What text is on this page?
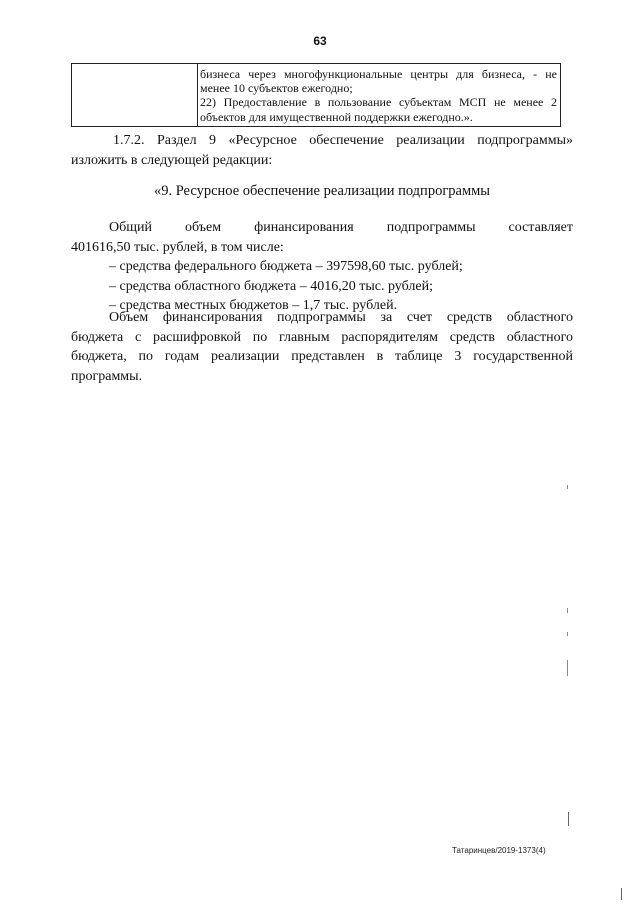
63
бизнеса через многофункциональные центры для бизнеса, - не
менее 10 субъектов ежегодно;
22) Предоставление в пользование субъектам МСП не менее 2
объектов для имущественной поддержки ежегодно.».
1.7.2. Раздел 9 «Ресурсное обеспечение реализации подпрограммы»
изложить в следующей редакции:
«9. Ресурсное обеспечение реализации подпрограммы
Общий объем финансирования подпрограммы составляет
401616,50 тыс. рублей, в том числе:
– средства федерального бюджета – 397598,60 тыс. рублей;
– средства областного бюджета – 4016,20 тыс. рублей;
– средства местных бюджетов – 1,7 тыс. рублей.
Объем финансирования подпрограммы за счет средств областного
бюджета с расшифровкой по главным распорядителям средств областного
бюджета, по годам реализации представлен в таблице 3 государственной
программы.
Татаринцев/2019-1373(4)
